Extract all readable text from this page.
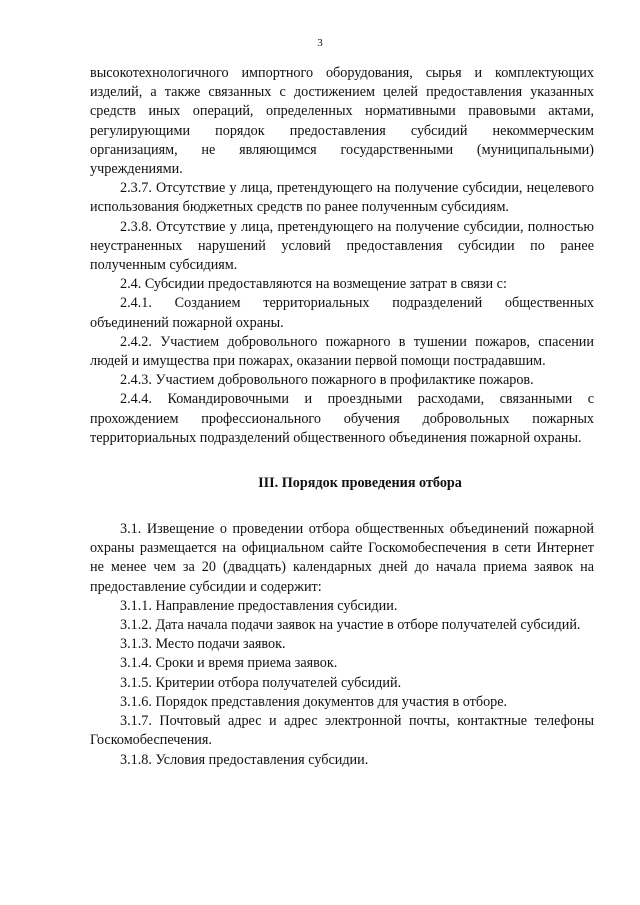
3

высокотехнологичного импортного оборудования, сырья и комплектующих изделий, а также связанных с достижением целей предоставления указанных средств иных операций, определенных нормативными правовыми актами, регулирующими порядок предоставления субсидий некоммерческим организациям, не являющимся государственными (муниципальными) учреждениями.

2.3.7. Отсутствие у лица, претендующего на получение субсидии, нецелевого использования бюджетных средств по ранее полученным субсидиям.

2.3.8. Отсутствие у лица, претендующего на получение субсидии, полностью неустраненных нарушений условий предоставления субсидии по ранее полученным субсидиям.

2.4. Субсидии предоставляются на возмещение затрат в связи с:

2.4.1. Созданием территориальных подразделений общественных объединений пожарной охраны.

2.4.2. Участием добровольного пожарного в тушении пожаров, спасении людей и имущества при пожарах, оказании первой помощи пострадавшим.

2.4.3. Участием добровольного пожарного в профилактике пожаров.

2.4.4. Командировочными и проездными расходами, связанными с прохождением профессионального обучения добровольных пожарных территориальных подразделений общественного объединения пожарной охраны.

III. Порядок проведения отбора

3.1. Извещение о проведении отбора общественных объединений пожарной охраны размещается на официальном сайте Госкомобеспечения в сети Интернет не менее чем за 20 (двадцать) календарных дней до начала приема заявок на предоставление субсидии и содержит:

3.1.1. Направление предоставления субсидии.

3.1.2. Дата начала подачи заявок на участие в отборе получателей субсидий.

3.1.3. Место подачи заявок.

3.1.4. Сроки и время приема заявок.

3.1.5. Критерии отбора получателей субсидий.

3.1.6. Порядок представления документов для участия в отборе.

3.1.7. Почтовый адрес и адрес электронной почты, контактные телефоны Госкомобеспечения.

3.1.8. Условия предоставления субсидии.
